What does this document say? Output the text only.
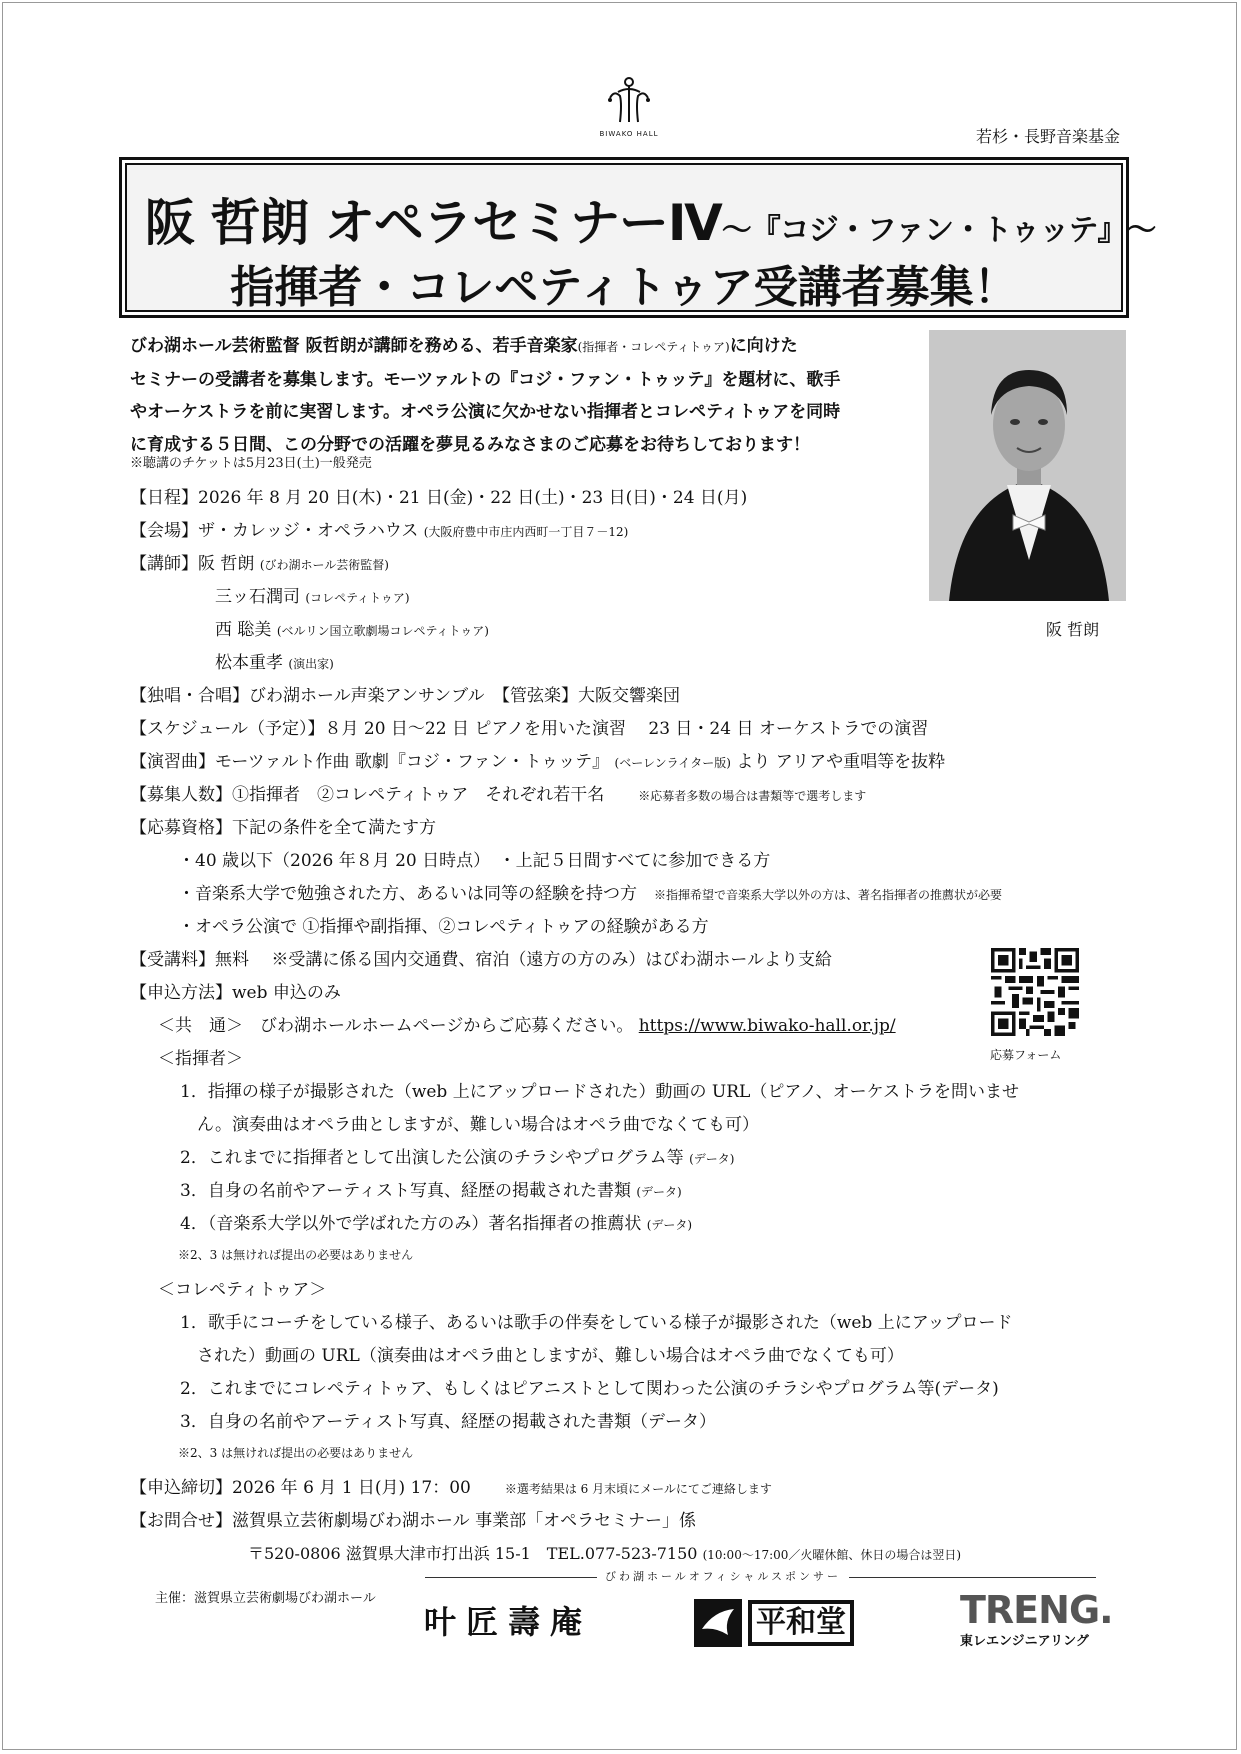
BIWAKO HALL	若杉・長野音楽基金
阪 哲朗 オペラセミナーⅣ～『コジ・ファン・トゥッテ』～
指揮者・コレペティトゥア受講者募集！
びわ湖ホール芸術監督 阪哲朗が講師を務める、若手音楽家(指揮者・コレペティトゥア)に向けた
セミナーの受講者を募集します。モーツァルトの『コジ・ファン・トゥッテ』を題材に、歌手
やオーケストラを前に実習します。オペラ公演に欠かせない指揮者とコレペティトゥアを同時
に育成する５日間、この分野での活躍を夢見るみなさまのご応募をお待ちしております！
※聴講のチケットは5月23日(土)一般発売
阪 哲朗
【日程】2026 年 8 月 20 日(木)・21 日(金)・22 日(土)・23 日(日)・24 日(月)
【会場】ザ・カレッジ・オペラハウス (大阪府豊中市庄内西町一丁目７－12)
【講師】阪 哲朗 (びわ湖ホール芸術監督)
三ッ石潤司 (コレペティトゥア)
西 聡美 (ベルリン国立歌劇場コレペティトゥア)
松本重孝 (演出家)
【独唱・合唱】びわ湖ホール声楽アンサンブル　【管弦楽】大阪交響楽団
【スケジュール（予定）】８月 20 日～22 日 ピアノを用いた演習　 23 日・24 日 オーケストラでの演習
【演習曲】モーツァルト作曲 歌劇『コジ・ファン・トゥッテ』 (ベーレンライター版) より アリアや重唱等を抜粋
【募集人数】①指揮者　②コレペティトゥア　それぞれ若干名　　	※応募者多数の場合は書類等で選考します
【応募資格】下記の条件を全て満たす方
・40 歳以下（2026 年８月 20 日時点）　・上記５日間すべてに参加できる方
・音楽系大学で勉強された方、あるいは同等の経験を持つ方　 ※指揮希望で音楽系大学以外の方は、著名指揮者の推薦状が必要
・オペラ公演で ①指揮や副指揮、②コレペティトゥアの経験がある方
【受講料】無料　 ※受講に係る国内交通費、宿泊（遠方の方のみ）はびわ湖ホールより支給
【申込方法】web 申込のみ
＜共　通＞　びわ湖ホールホームページからご応募ください。 https://www.biwako-hall.or.jp/
＜指揮者＞
1．指揮の様子が撮影された（web 上にアップロードされた）動画の URL（ピアノ、オーケストラを問いませ
　ん。演奏曲はオペラ曲としますが、難しい場合はオペラ曲でなくても可）
2．これまでに指揮者として出演した公演のチラシやプログラム等 (データ)
3．自身の名前やアーティスト写真、経歴の掲載された書類 (データ)
4．（音楽系大学以外で学ばれた方のみ）著名指揮者の推薦状 (データ)
※2、3 は無ければ提出の必要はありません
＜コレペティトゥア＞
1．歌手にコーチをしている様子、あるいは歌手の伴奏をしている様子が撮影された（web 上にアップロード
　された）動画の URL（演奏曲はオペラ曲としますが、難しい場合はオペラ曲でなくても可）
2．これまでにコレペティトゥア、もしくはピアニストとして関わった公演のチラシやプログラム等(データ)
3．自身の名前やアーティスト写真、経歴の掲載された書類（データ）
※2、3 は無ければ提出の必要はありません
【申込締切】2026 年 6 月 1 日(月) 17：00　　	※選考結果は 6 月末頃にメールにてご連絡します
【お問合せ】滋賀県立芸術劇場びわ湖ホール 事業部「オペラセミナー」係
〒520-0806 滋賀県大津市打出浜 15-1　TEL.077-523-7150 (10:00～17:00／火曜休館、休日の場合は翌日)
応募フォーム
びわ湖ホールオフィシャルスポンサー
主催：滋賀県立芸術劇場びわ湖ホール
叶匠壽庵	平和堂	TRENG.
東レエンジニアリング
